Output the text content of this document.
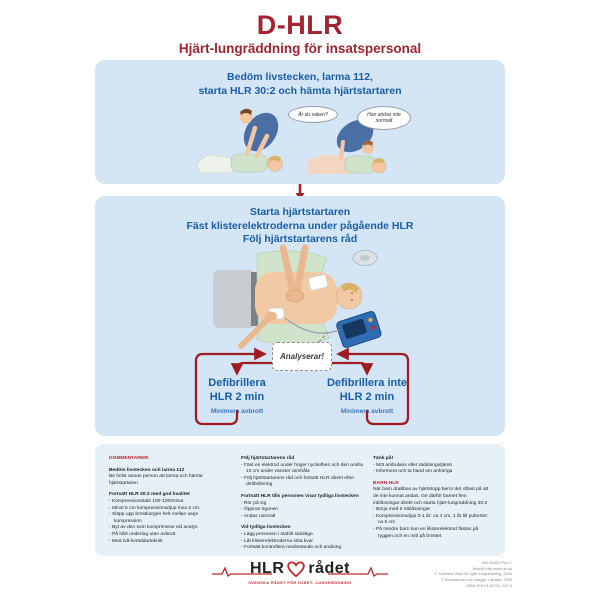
D-HLR
Hjärt-lungräddning för insatspersonal
Bedöm livstecken, larma 112,
starta HLR 30:2 och hämta hjärtstartaren
Är du vaken?	Han andas inte normalt
Starta hjärtstartaren
Fäst klisterelektroderna under pågående HLR
Följ hjärtstartarens råd
Analyserar!
Defibrillera
HLR 2 min
Minimera avbrott
Defibrillera inte
HLR 2 min
Minimera avbrott
KOMMENTARER:
Bedöm livstecken och larma 112
Be helst annan person att larma och hämta hjärtstartaren
Fortsätt HLR 30:2 med god kvalitet
- Kompressionstakt 100-120/minut
- Minst 5 cm kompressionsdjup max 6 cm.
- Släpp upp bröstkorgen helt mellan varje kompression
- Byt av den som komprimerar vid analys
- På hårt underlag utan avbrott
- Med två-livräddarteknik
Följ hjärtstartarens råd
- Fäst en elektrod under höger nyckelben och den andra 10 cm under vänster armhåla
- Följ hjärtstartarens råd och fortsätt HLR direkt efter defibrillering
Fortsätt HLR tills personen visar tydliga livstecken
- Rör på sig
- Öppnar ögonen
- Andas normalt
Vid tydliga livstecken
- Lägg personen i stabilt sidoläge
- Låt klisterelektroderna sitta kvar
- Fortsätt kontrollera medvetande och andning
Tänk på!
- Möt ambulans eller räddningstjänst
- Informera och ta hand om anhöriga
BARN-HLR
När barn drabbas av hjärtstopp beror det oftast på att de inte kunnat andas. Ge därför barnet fem inblåsningar direkt och starta hjärt-lungräddning 30:2
- Börja med 5 inblåsningar
- Kompressionsdjup 0-1 år: ca 4 cm, 1 år till pubertet: ca 5 cm
- På mindre barn kan en klisterelektrod fästas på ryggen och en mitt på bröstet
HLR rådet
SVENSKA RÅDET FÖR HJÄRT- LUNGRÄDDNING
490-30502 Rev C
Beställ från www.hlr.nu
© Svenska rådet för hjärt-lungräddning, 2016
© Illustrationer och design, Laerdal, 2016
ISBN 978-91-82761-147-5
